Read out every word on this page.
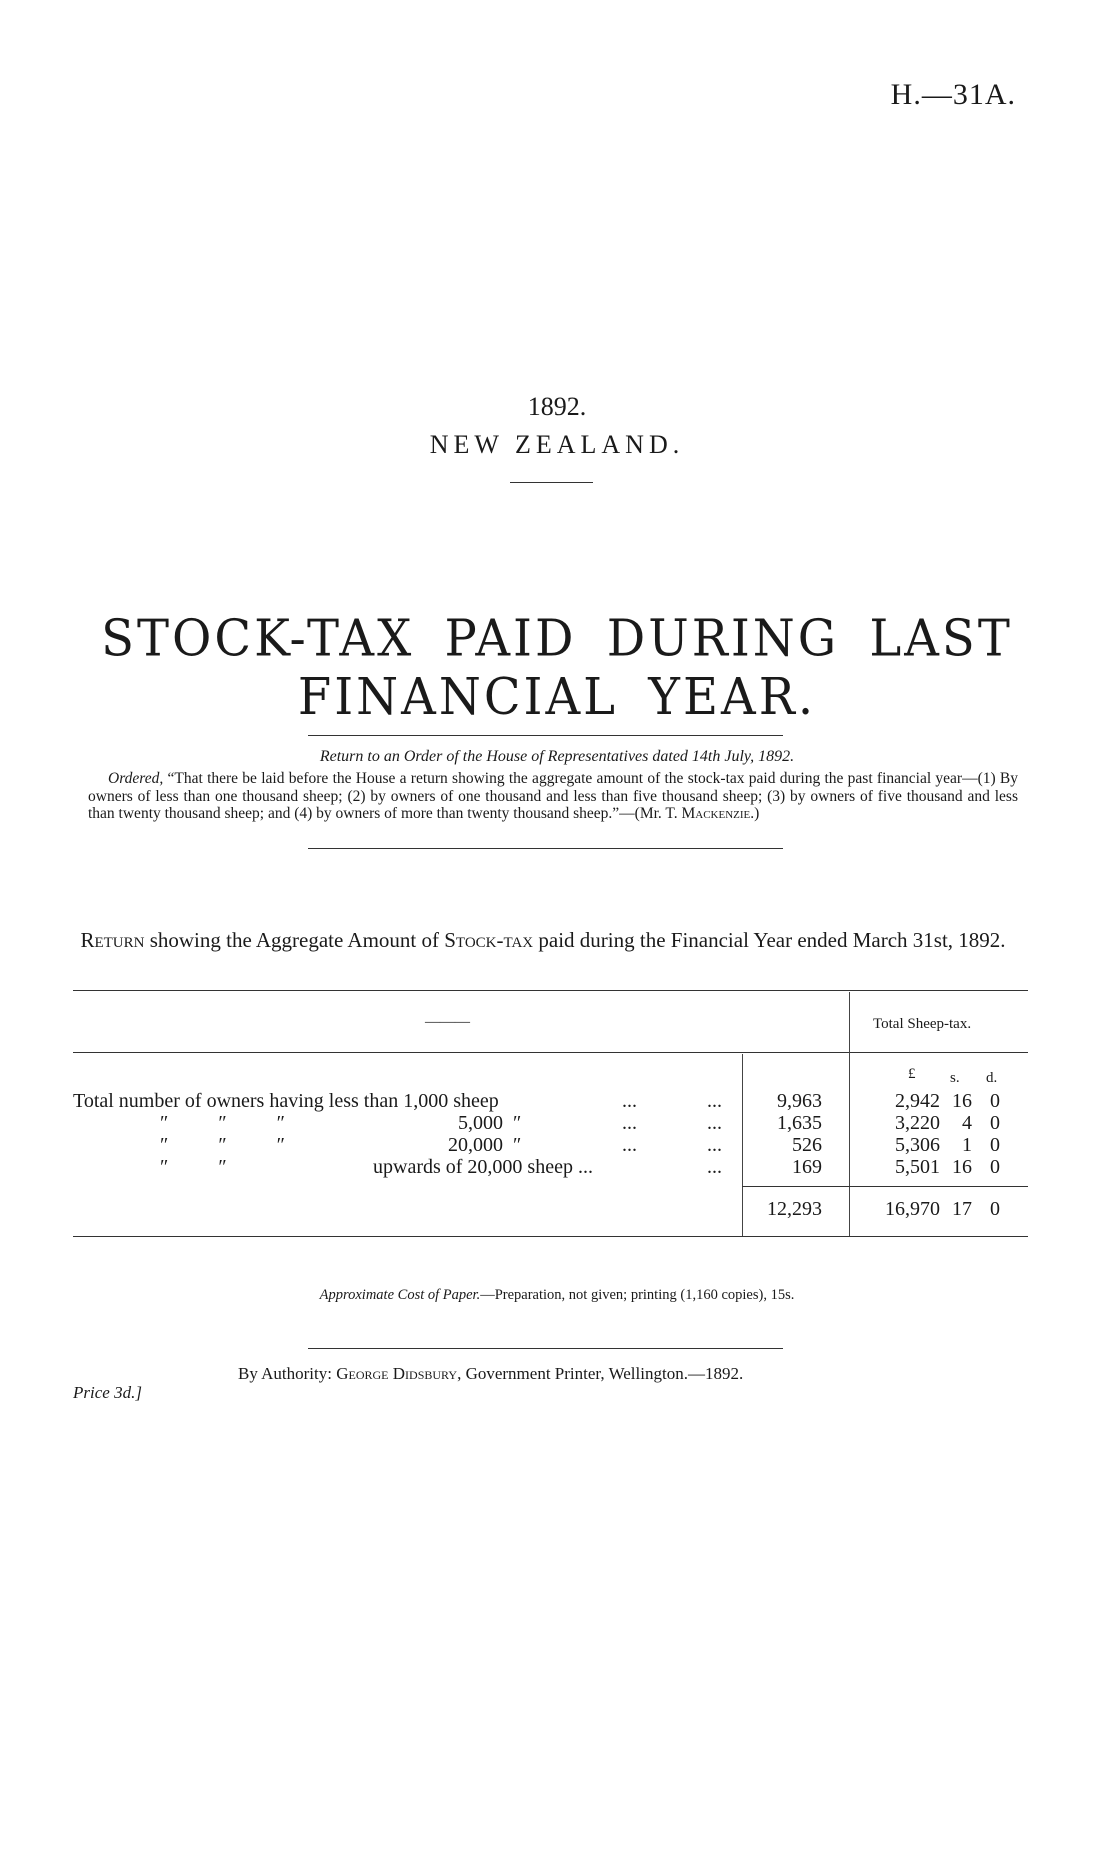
H.—31A.
1892.
NEW ZEALAND.
STOCK-TAX PAID DURING LAST FINANCIAL YEAR.
Return to an Order of the House of Representatives dated 14th July, 1892.
Ordered, “That there be laid before the House a return showing the aggregate amount of the stock-tax paid during the past financial year—(1) By owners of less than one thousand sheep; (2) by owners of one thousand and less than five thousand sheep; (3) by owners of five thousand and less than twenty thousand sheep; and (4) by owners of more than twenty thousand sheep.”—(Mr. T. Mackenzie.)
Return showing the Aggregate Amount of Stock-tax paid during the Financial Year ended March 31st, 1892.
———	Total Sheep-tax.
£ s. d.
Total number of owners having less than 1,000 sheep	...	...	9,963	2,942 16 0
″          ″          ″	5,000  ″	...	...	1,635	3,220	4 0
″          ″          ″	20,000  ″	...	...	526	5,306	1 0
″          ″	upwards of 20,000 sheep ...	...	169	5,501 16 0
12,293	16,970 17 0
Approximate Cost of Paper.—Preparation, not given; printing (1,160 copies), 15s.
By Authority: George Didsbury, Government Printer, Wellington.—1892.
Price 3d.]
